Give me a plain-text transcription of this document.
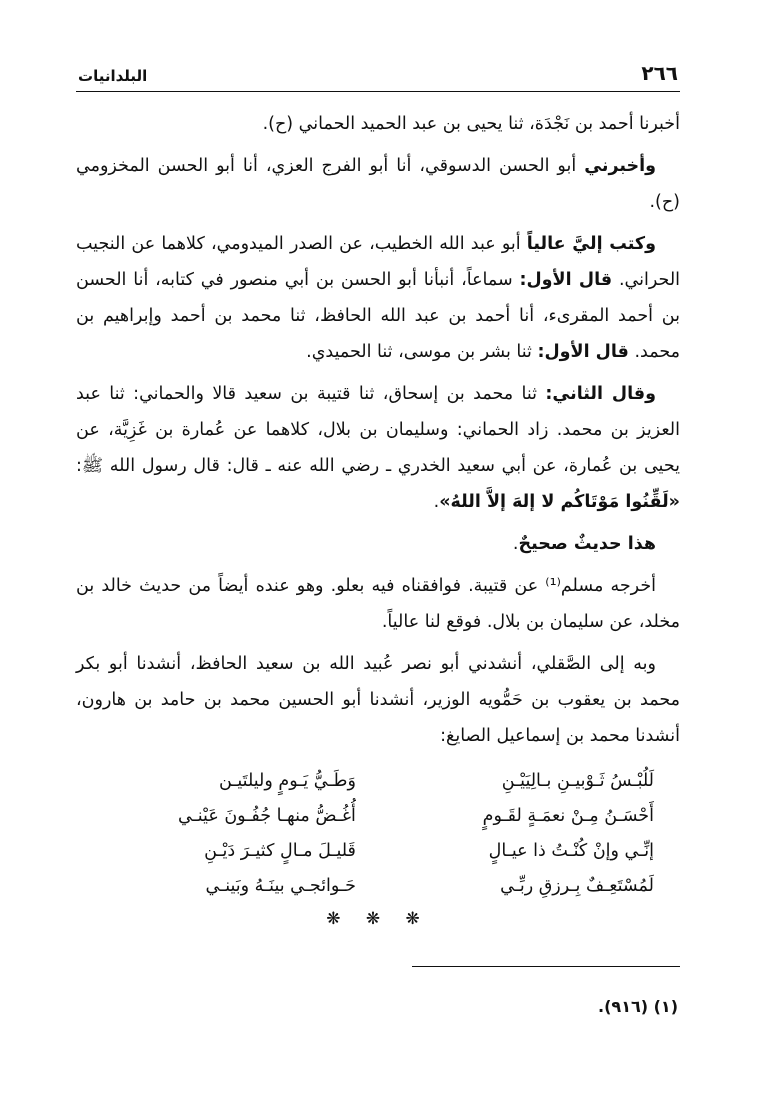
٢٦٦
البلدانيات

أخبرنا أحمد بن نَجْدَة، ثنا يحيى بن عبد الحميد الحماني (ح).

وأخبرني أبو الحسن الدسوقي، أنا أبو الفرج العزي، أنا أبو الحسن المخزومي (ح).

وكتب إليَّ عالياً أبو عبد الله الخطيب، عن الصدر الميدومي، كلاهما عن النجيب الحراني. قال الأول: سماعاً، أنبأنا أبو الحسن بن أبي منصور في كتابه، أنا الحسن بن أحمد المقرىء، أنا أحمد بن عبد الله الحافظ، ثنا محمد بن أحمد وإبراهيم بن محمد. قال الأول: ثنا بشر بن موسى، ثنا الحميدي.

وقال الثاني: ثنا محمد بن إسحاق، ثنا قتيبة بن سعيد قالا والحماني: ثنا عبد العزيز بن محمد. زاد الحماني: وسليمان بن بلال، كلاهما عن عُمارة بن غَزِيَّة، عن يحيى بن عُمارة، عن أبي سعيد الخدري ـ رضي الله عنه ـ قال: قال رسول الله ﷺ: «لَقِّنُوا مَوْتَاكُم لا إلهَ إلاَّ اللهُ».

هذا حديثٌ صحيحٌ.

أخرجه مسلم⁽¹⁾ عن قتيبة. فوافقناه فيه بعلو. وهو عنده أيضاً من حديث خالد بن مخلد، عن سليمان بن بلال. فوقع لنا عالياً.

وبه إلى الصَّقلي، أنشدني أبو نصر عُبيد الله بن سعيد الحافظ، أنشدنا أبو بكر محمد بن يعقوب بن حَمُّويه الوزير، أنشدنا أبو الحسين محمد بن حامد بن هارون، أنشدنا محمد بن إسماعيل الصايغ:

لَلُبْـسُ ثَـوْبيـنِ بـالِيَيْـنِ
وَطَـيُّ يَـومٍ وليلتَيـن
أَحْسَـنُ مِـنْ نعمَـةٍ لقَـومٍ
أُغُـضُّ منهـا جُفُـونَ عَيْنـي
إنِّـي وإنْ كُنْـتُ ذا عيـالٍ
قَليـلَ مـالٍ كثيـرَ دَيْـنِ
لَمُسْتَعِـفٌ بِـرزقِ ربِّـي
حَـوائجـي بينَـهُ وبَينـي
❋ ❋ ❋
(١) (٩١٦).
